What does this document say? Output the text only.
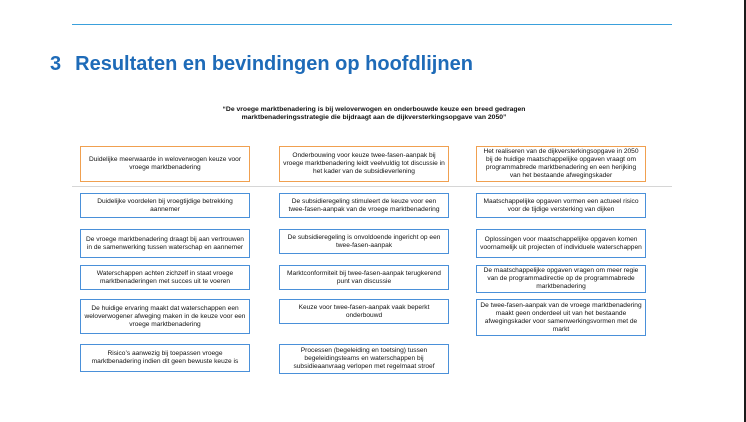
3 Resultaten en bevindingen op hoofdlijnen

“De vroege marktbenadering is bij weloverwogen en onderbouwde keuze een breed gedragen marktbenaderingsstrategie die bijdraagt aan de dijkversterkingsopgave van 2050”

Duidelijke meerwaarde in weloverwogen keuze voor vroege marktbenadering
Onderbouwing voor keuze twee-fasen-aanpak bij vroege marktbenadering leidt veelvuldig tot discussie in het kader van de subsidieverlening
Het realiseren van de dijkversterkingsopgave in 2050 bij de huidige maatschappelijke opgaven vraagt om programmabrede marktbenadering en een herijking van het bestaande afwegingskader
Duidelijke voordelen bij vroegtijdige betrekking aannemer
De vroege marktbenadering draagt bij aan vertrouwen in de samenwerking tussen waterschap en aannemer
Waterschappen achten zichzelf in staat vroege marktbenaderingen met succes uit te voeren
De huidige ervaring maakt dat waterschappen een weloverwogener afweging maken in de keuze voor een vroege marktbenadering
Risico’s aanwezig bij toepassen vroege marktbenadering indien dit geen bewuste keuze is
De subsidieregeling stimuleert de keuze voor een twee-fasen-aanpak van de vroege marktbenadering
De subsidieregeling is onvoldoende ingericht op een twee-fasen-aanpak
Marktconformiteit bij twee-fasen-aanpak terugkerend punt van discussie
Keuze voor twee-fasen-aanpak vaak beperkt onderbouwd
Processen (begeleiding en toetsing) tussen begeleidingsteams en waterschappen bij subsidieaanvraag verlopen met regelmaat stroef
Maatschappelijke opgaven vormen een actueel risico voor de tijdige versterking van dijken
Oplossingen voor maatschappelijke opgaven komen voornamelijk uit projecten of individuele waterschappen
De maatschappelijke opgaven vragen om meer regie van de programmadirectie op de programmabrede marktbenadering
De twee-fasen-aanpak van de vroege marktbenadering maakt geen onderdeel uit van het bestaande afwegingskader voor samenwerkingsvormen met de markt
